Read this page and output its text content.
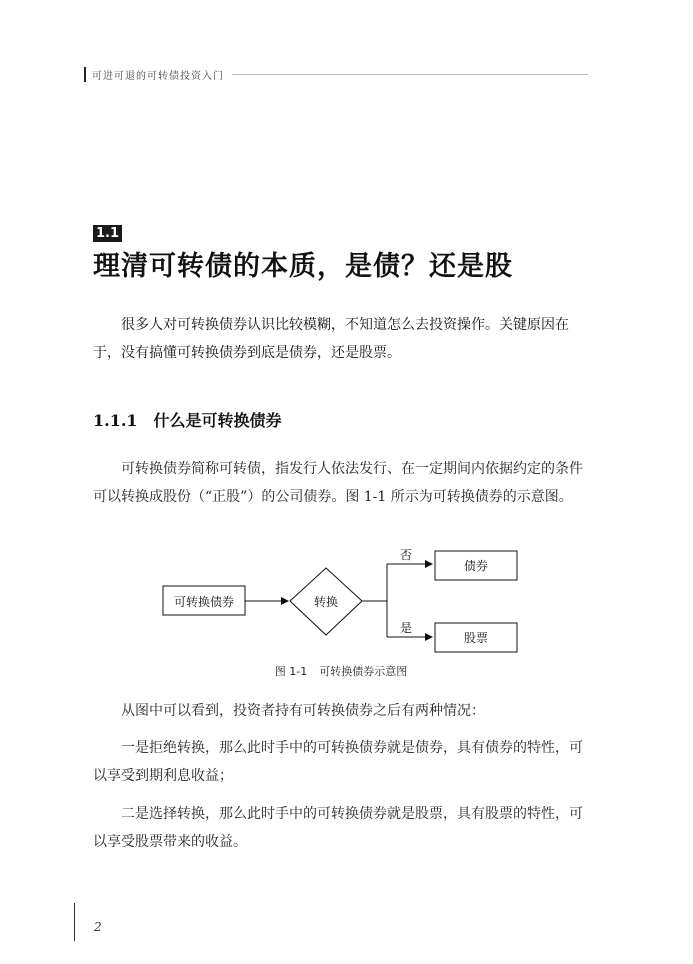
可进可退的可转债投资入门
1.1
理清可转债的本质，是债？还是股

很多人对可转换债券认识比较模糊，不知道怎么去投资操作。关键原因在于，没有搞懂可转换债券到底是债券，还是股票。

1.1.1 什么是可转换债券

可转换债券简称可转债，指发行人依法发行、在一定期间内依据约定的条件可以转换成股份（“正股”）的公司债券。图 1-1 所示为可转换债券的示意图。

可转换债券	转换
否
是
债券
股票
图 1-1 可转换债券示意图

从图中可以看到，投资者持有可转换债券之后有两种情况：

一是拒绝转换，那么此时手中的可转换债券就是债券，具有债券的特性，可以享受到期利息收益；

二是选择转换，那么此时手中的可转换债券就是股票，具有股票的特性，可以享受股票带来的收益。

2
